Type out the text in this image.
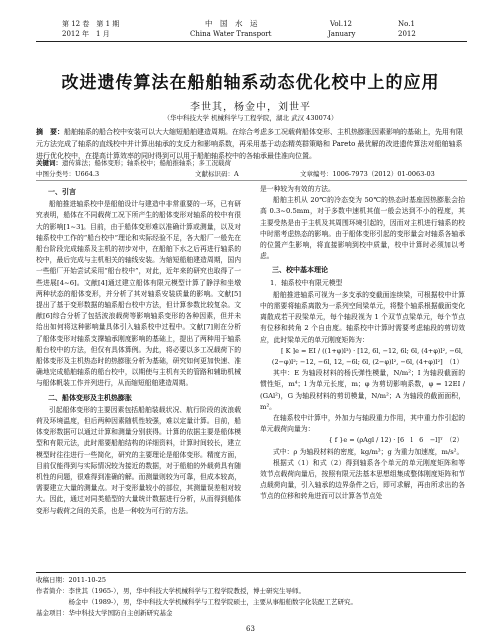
第 12 卷　第 1 期
2012 年　1 月
中　国　水　运
China Water Transport
Vol.12	No.1
January	2012
改进遗传算法在船舶轴系动态优化校中上的应用
李世其，杨金中，刘世平
（华中科技大学 机械科学与工程学院，湖北 武汉 430074）
摘　要：船舶轴系的船合校中安装可以大大缩短船舶建造周期。在综合考虑多工况载荷船体变形、主机热膨胀因素影响的基础上，先用有限元方法完成了轴系的直线校中并计算出轴承的支反力和影响系数，再采用基于动态精英群策略和 Pareto 最优解的改进遗传算法对船舶轴系进行优化校中，在提高计算效率的同时得到可以用于船舶轴系校中的各轴承最佳准向位置。
关键词：遗传算法；船体变形；轴系校中；船舶推轴系；多工况载荷
中图分类号：U664.3	文献标识码：A	文章编号：1006-7973（2012）01-0063-03

一、引言

船舶推进轴系校中是船舶设计与建造中非常重要的一环，已有研究表明，船体在不同载荷工况下所产生的船体变形对轴系的校中有很大的影响[1~3]。目前，由于船体变形难以准确计算或测量，以及对轴系校中工作的“船台校中”理论和实际经验不足，各大船厂一般先在船台阶段完成轴系及主机的初步对中，在船舶下水之后再进行轴系的校中，最后完成与主机相关的轴线安装。为缩短船舶建造周期，国内一些船厂开始尝试采用“船台校中”，对此，近年来的研究也取得了一些进展[4~6]。文献[4]通过建立船体有限元模型计算了静浮和坐墩两种状态的船体变形，并分析了其对轴系安装质量的影响。文献[5]提出了基于变形数据的轴系船台校中方法，但计算参数比较复杂。文献[6]综合分析了包括波浪载荷等影响轴系变形的各种因素，但并未给出如何将这种影响量具体引入轴系校中过程中。文献[7]则在分析了船体变形对轴系支撑轴承刚度影响的基础上，提出了两种用于轴系船台校中的方法，但仅有具体算例。为此，将必要以多工况载荷下的船体变形及主机热态时的热膨胀分析为基础，研究如何更加快速、准确地完成船舶轴系的船台校中，以期使与主机有关的管路和辅助机械与船体帆装工作并列进行，从而缩短船舶建造周期。

二、船体变形及主机热膨胀

引起船体变形的主要因素包括船舶装载状况、航行阶段的波浪载荷及环境温度，但后两种因素随机性较强，难以定量计算。目前，船体变形数据可以通过计算和测量分别获得。计算的依据主要是船体模型和有限元法，此时需要船舶结构的详细资料，计算时间较长，建立模型时往往进行一些简化，研究的主要理论是船体变形。精度方面，目前仅能得到与实际情况较为接近的数据，对于船舶的外载荷具有随机性的问题，很难得到准确的解。而测量则较为可靠，但成本较高，需要建立大量的测量点。对于变形量较小的部位，其测量误差相对较大。因此，通过对同类船型的大量统计数据进行分析，从而得到船体变形与载荷之间的关系，也是一种较为可行的方法。

是一种较为有效的方法。

船舶主机从 20℃的冷态变为 50℃的热态时基座因热膨胀会抬高 0.3~0.5mm，对于多数中速机其值一般会达到不小的程度，其主要受热是由于主机及其周围环境引起的，因而对主机进行轴系的校中时需考虑热态的影响。由于船体变形引起的变形量会对轴系各轴承的位置产生影响，将直接影响到校中质量，校中计算时必须加以考虑。

三、校中基本理论

1．轴系校中有限元模型

船舶推进轴系可视为一多支承的变截面连续梁，可根据校中计算中的需要将轴系离散为一系列空间梁单元，将整个轴系根据截面变化离散成若干段梁单元，每个轴段视为 1 个双节点梁单元，每个节点有位移和转角 2 个自由度。轴系校中计算时需要考虑轴段的剪切效应，此时梁单元的单元刚度矩阵为：

[ K ]e = EI / ((1+φ)l³) · [12, 6l, −12, 6l; 6l, (4+φ)l², −6l, (2−φ)l²; −12, −6l, 12, −6l; 6l, (2−φ)l², −6l, (4+φ)l²]　（1）

其中：E 为轴段材料的杨氏弹性模量，N/m²；I 为轴段截面的惯性矩，m⁴；l 为单元长度，m；φ 为剪切影响系数，φ = 12EI / (GAl²)，G 为轴段材料的剪切模量，N/m²；A 为轴段的截面面积，m²。

在轴系校中计算中，外加力与轴段重力作用，其中重力作引起的单元载荷向量为：

{ f }e = (ρAgl / 12) · [6　l　6　−l]ᵀ　（2）

式中：ρ 为轴段材料的密度，kg/m³；g 为重力加速度，m/s²。

根据式（1）和式（2）得到轴系各个单元的单元刚度矩阵和等效节点载荷向量后，按照有限元法基本思想组集成整体刚度矩阵和节点载荷向量，引入轴承的边界条件之后，即可求解，再由所求出的各节点的位移和转角进而可以计算各节点处

收稿日期：2011-10-25
作者简介：李世其（1965-），男，华中科技大学机械科学与工程学院教授，博士研究生导师。
　　　　　杨金中（1989-），男，华中科技大学机械科学与工程学院硕士，主要从事船舶数字化装配工艺研究。
基金项目：华中科技大学国防自主创新研究基金
63
